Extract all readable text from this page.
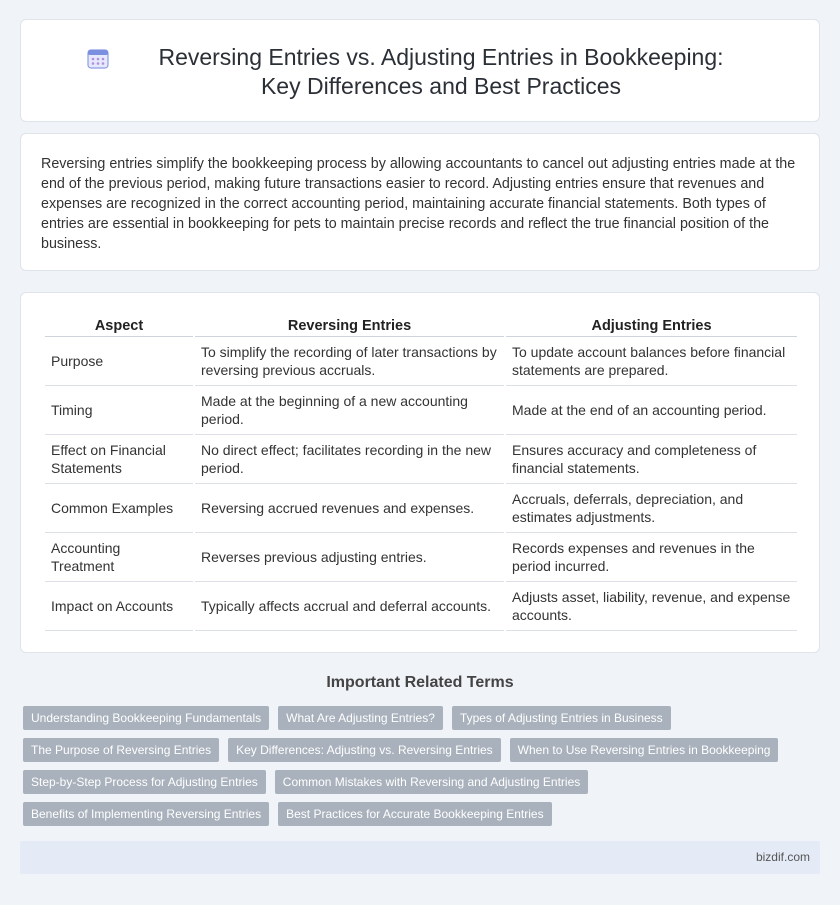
Reversing Entries vs. Adjusting Entries in Bookkeeping: Key Differences and Best Practices

Reversing entries simplify the bookkeeping process by allowing accountants to cancel out adjusting entries made at the end of the previous period, making future transactions easier to record. Adjusting entries ensure that revenues and expenses are recognized in the correct accounting period, maintaining accurate financial statements. Both types of entries are essential in bookkeeping for pets to maintain precise records and reflect the true financial position of the business.

Aspect	Reversing Entries	Adjusting Entries
Purpose	To simplify the recording of later transactions by reversing previous accruals.	To update account balances before financial statements are prepared.
Timing	Made at the beginning of a new accounting period.	Made at the end of an accounting period.
Effect on Financial Statements	No direct effect; facilitates recording in the new period.	Ensures accuracy and completeness of financial statements.
Common Examples	Reversing accrued revenues and expenses.	Accruals, deferrals, depreciation, and estimates adjustments.
Accounting Treatment	Reverses previous adjusting entries.	Records expenses and revenues in the period incurred.
Impact on Accounts	Typically affects accrual and deferral accounts.	Adjusts asset, liability, revenue, and expense accounts.
Important Related Terms
Understanding Bookkeeping Fundamentals	What Are Adjusting Entries?	Types of Adjusting Entries in Business
The Purpose of Reversing Entries	Key Differences: Adjusting vs. Reversing Entries	When to Use Reversing Entries in Bookkeeping
Step-by-Step Process for Adjusting Entries	Common Mistakes with Reversing and Adjusting Entries
Benefits of Implementing Reversing Entries	Best Practices for Accurate Bookkeeping Entries
bizdif.com
